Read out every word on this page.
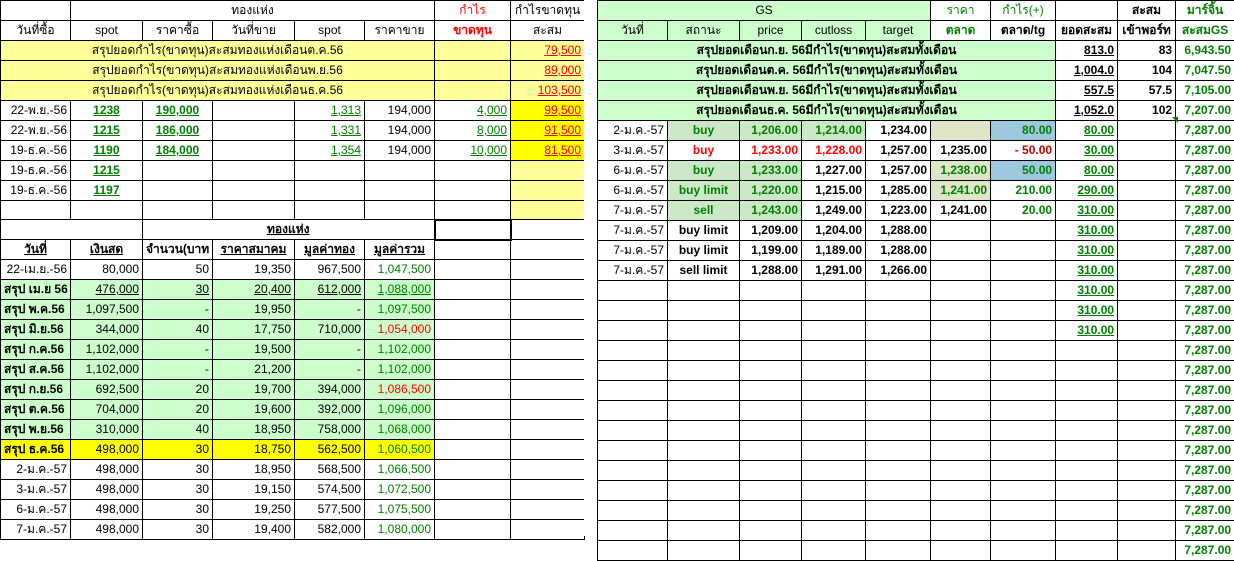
	ทองแห่ง					กำไร	กำไรขาดทุน
วันที่ซื้อ	spot	ราคาซื้อ	วันที่ขาย	spot	ราคาขาย	ขาดทุน	สะสม
สรุปยอดกำไร(ขาดทุน)สะสมทองแห่งเดือนต.ค.56							79,500
สรุปยอดกำไร(ขาดทุน)สะสมทองแห่งเดือนพ.ย.56							89,000
สรุปยอดกำไร(ขาดทุน)สะสมทองแห่งเดือนธ.ค.56							103,500
22-พ.ย.-56	1238	190,000		1,313	194,000	4,000	99,500
22-พ.ย.-56	1215	186,000		1,331	194,000	8,000	91,500
19-ธ.ค.-56	1190	184,000		1,354	194,000	10,000	81,500
19-ธ.ค.-56	1215						
19-ธ.ค.-56	1197						

		ทองแห่ง					
วันที่	เงินสด	จำนวน(บาท	ราคาสมาคม	มูลค่าทอง	มูลค่ารวม		
22-เม.ย.-56	80,000	50	19,350	967,500	1,047,500		
สรุป เม.ย 56	476,000	30	20,400	612,000	1,088,000		
สรุป พ.ค.56	1,097,500	-	19,950	-	1,097,500		
สรุป มิ.ย.56	344,000	40	17,750	710,000	1,054,000		
สรุป ก.ค.56	1,102,000	-	19,500	-	1,102,000		
สรุป ส.ค.56	1,102,000	-	21,200	-	1,102,000		
สรุป ก.ย.56	692,500	20	19,700	394,000	1,086,500		
สรุป ต.ค.56	704,000	20	19,600	392,000	1,096,000		
สรุป พ.ย.56	310,000	40	18,950	758,000	1,068,000		
สรุป ธ.ค.56	498,000	30	18,750	562,500	1,060,500		
2-ม.ค.-57	498,000	30	18,950	568,500	1,066,500		
3-ม.ค.-57	498,000	30	19,150	574,500	1,072,500		
6-ม.ค.-57	498,000	30	19,250	577,500	1,075,500		
7-ม.ค.-57	498,000	30	19,400	582,000	1,080,000		
GS					ราคา	กำไร(+)		สะสม	มาร์จิ้น
วันที่	สถานะ	price	cutloss	target	ตลาด	ตลาด/tg	ยอดสะสม	เข้าพอร์ท	สะสมGS
สรุปยอดเดือนก.ย. 56มีกำไร(ขาดทุน)สะสมทั้งเดือน							813.0	83	6,943.50
สรุปยอดเดือนต.ค. 56มีกำไร(ขาดทุน)สะสมทั้งเดือน							1,004.0	104	7,047.50
สรุปยอดเดือนพ.ย. 56มีกำไร(ขาดทุน)สะสมทั้งเดือน							557.5	57.5	7,105.00
สรุปยอดเดือนธ.ค. 56มีกำไร(ขาดทุน)สะสมทั้งเดือน							1,052.0	102	7,207.00
2-ม.ค.-57	buy	1,206.00	1,214.00	1,234.00		80.00	80.00		7,287.00
3-ม.ค.-57	buy	1,233.00	1,228.00	1,257.00	1,235.00	- 50.00	30.00		7,287.00
6-ม.ค.-57	buy	1,233.00	1,227.00	1,257.00	1,238.00	50.00	80.00		7,287.00
6-ม.ค.-57	buy limit	1,220.00	1,215.00	1,285.00	1,241.00	210.00	290.00		7,287.00
7-ม.ค.-57	sell	1,243.00	1,249.00	1,223.00	1,241.00	20.00	310.00		7,287.00
7-ม.ค.-57	buy limit	1,209.00	1,204.00	1,288.00			310.00		7,287.00
7-ม.ค.-57	buy limit	1,199.00	1,189.00	1,288.00			310.00		7,287.00
7-ม.ค.-57	sell limit	1,288.00	1,291.00	1,266.00			310.00		7,287.00
							310.00		7,287.00
							310.00		7,287.00
							310.00		7,287.00
									7,287.00
									7,287.00
									7,287.00
									7,287.00
									7,287.00
									7,287.00
									7,287.00
									7,287.00
									7,287.00
									7,287.00
									7,287.00
